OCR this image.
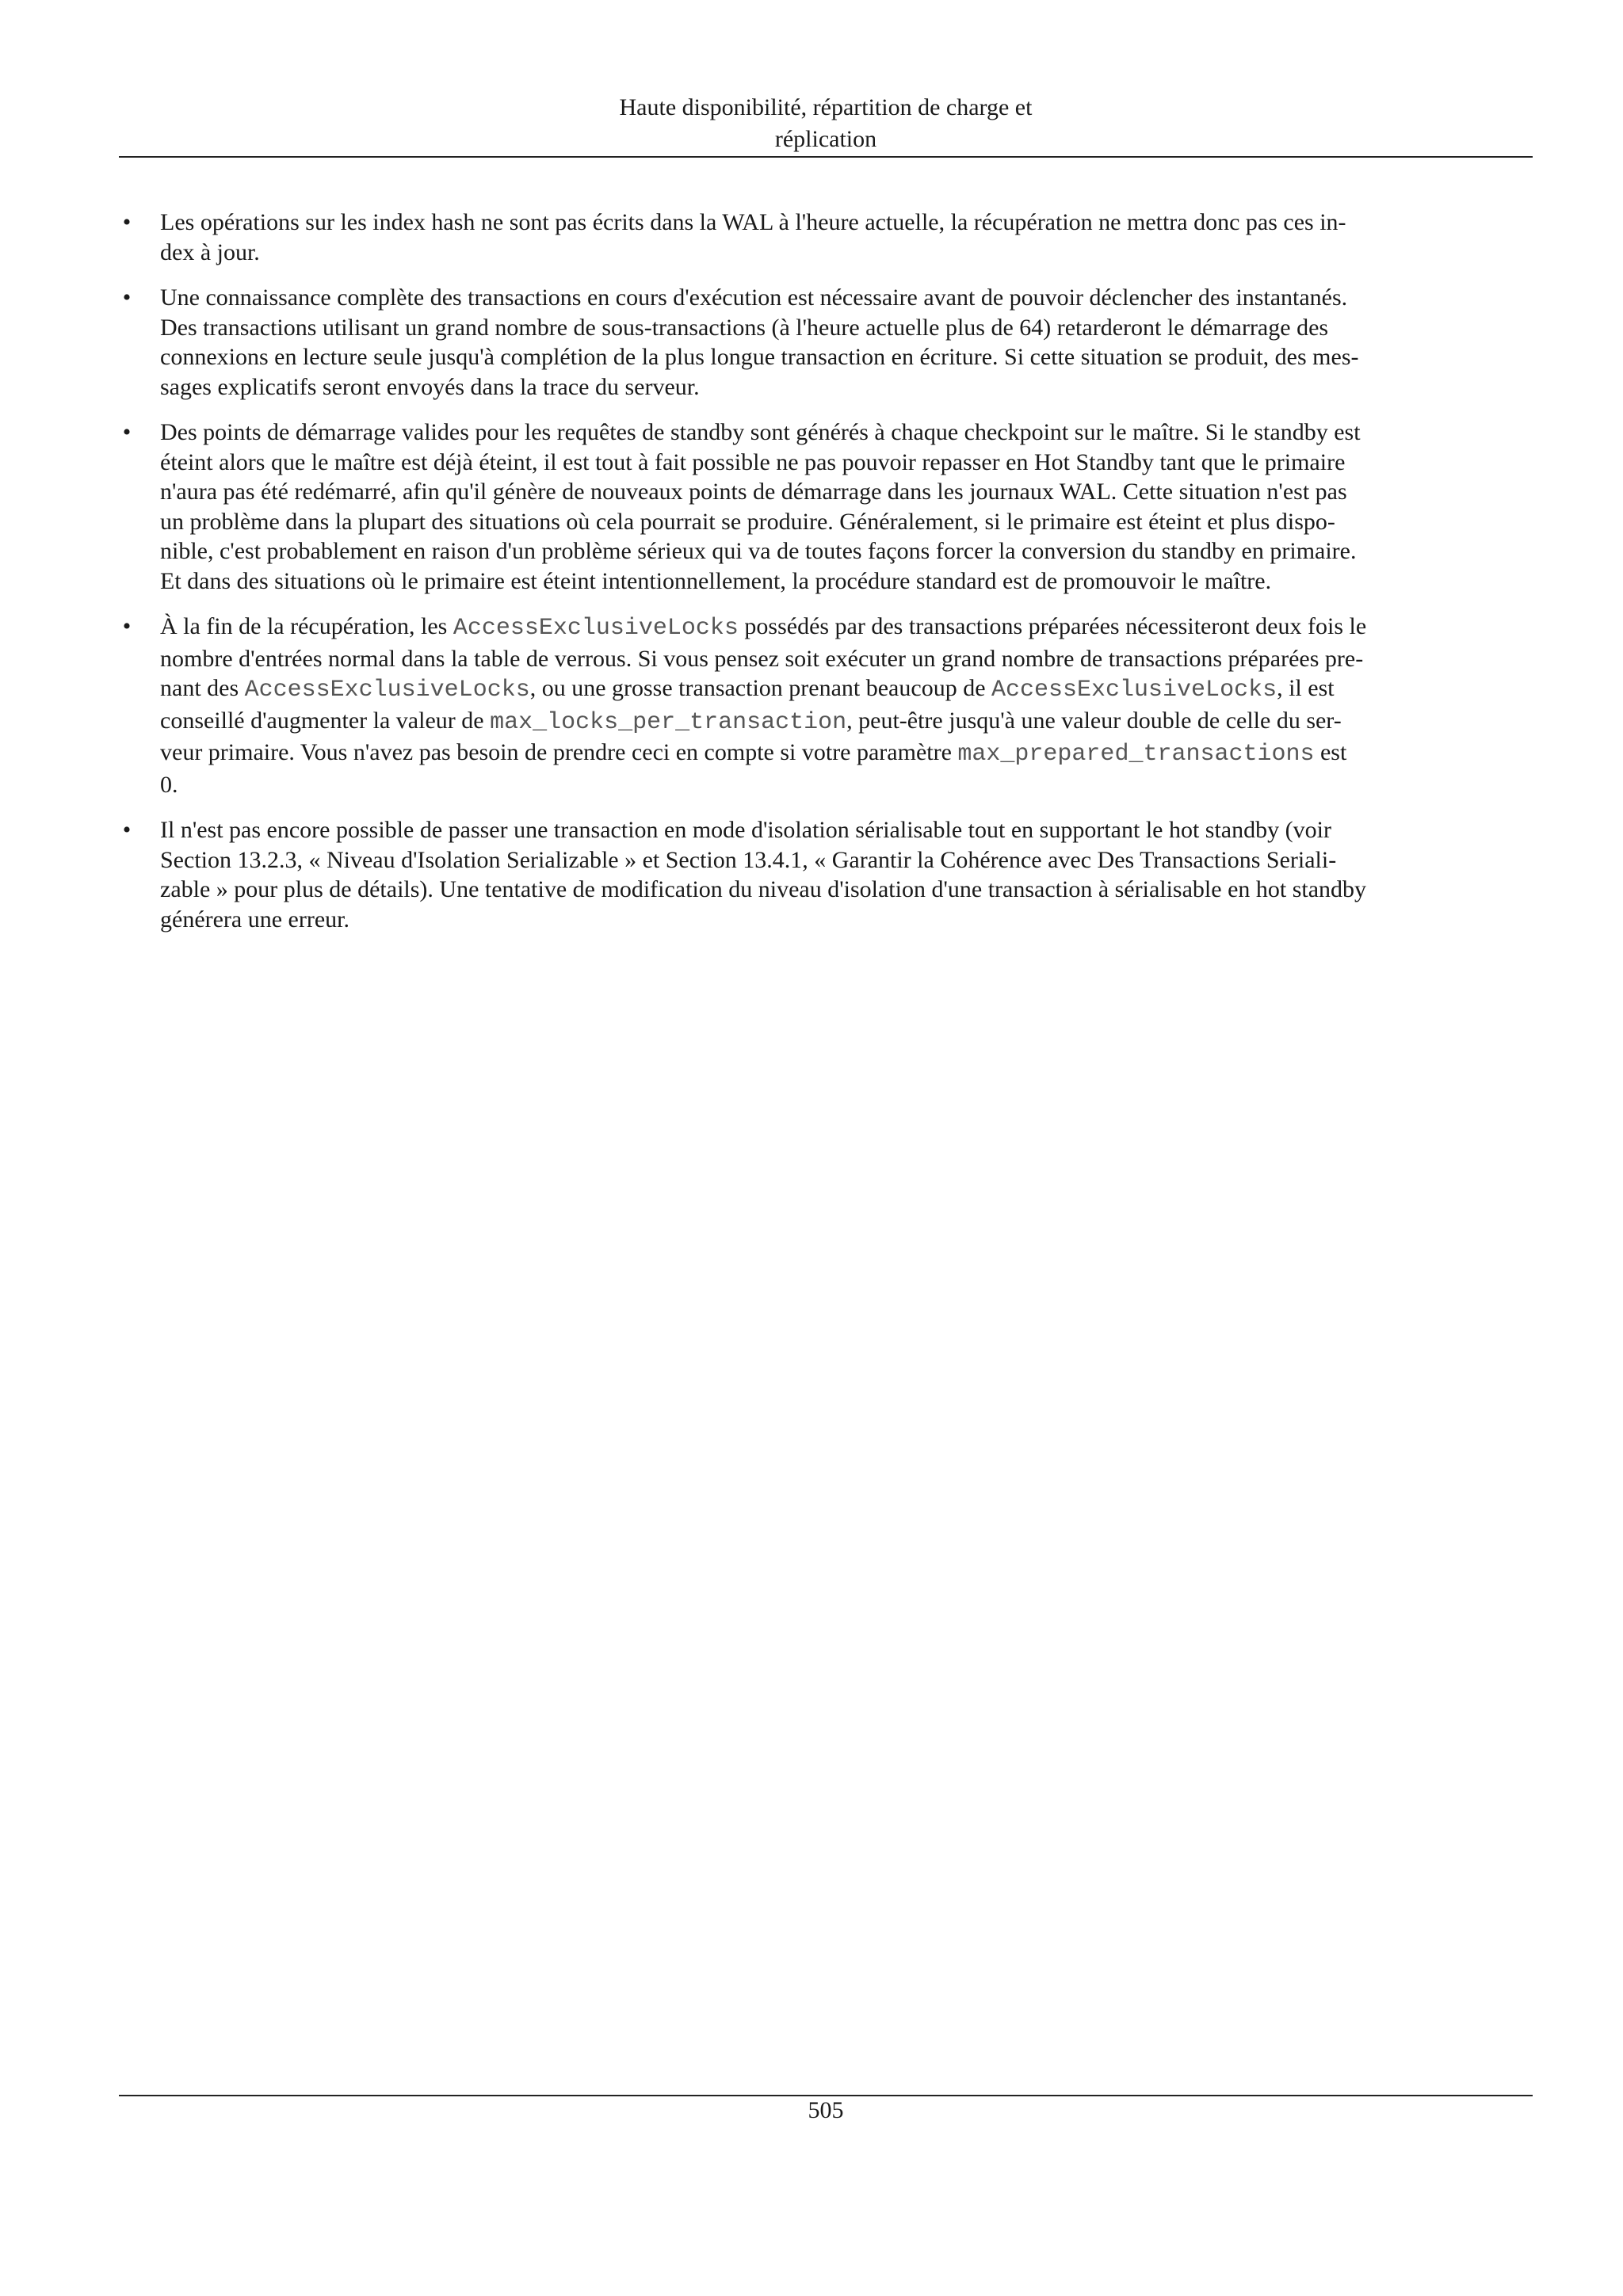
Haute disponibilité, répartition de charge et
réplication
• Les opérations sur les index hash ne sont pas écrits dans la WAL à l'heure actuelle, la récupération ne mettra donc pas ces in-
dex à jour.
• Une connaissance complète des transactions en cours d'exécution est nécessaire avant de pouvoir déclencher des instantanés.
Des transactions utilisant un grand nombre de sous-transactions (à l'heure actuelle plus de 64) retarderont le démarrage des
connexions en lecture seule jusqu'à complétion de la plus longue transaction en écriture. Si cette situation se produit, des mes-
sages explicatifs seront envoyés dans la trace du serveur.
• Des points de démarrage valides pour les requêtes de standby sont générés à chaque checkpoint sur le maître. Si le standby est
éteint alors que le maître est déjà éteint, il est tout à fait possible ne pas pouvoir repasser en Hot Standby tant que le primaire
n'aura pas été redémarré, afin qu'il génère de nouveaux points de démarrage dans les journaux WAL. Cette situation n'est pas
un problème dans la plupart des situations où cela pourrait se produire. Généralement, si le primaire est éteint et plus dispo-
nible, c'est probablement en raison d'un problème sérieux qui va de toutes façons forcer la conversion du standby en primaire.
Et dans des situations où le primaire est éteint intentionnellement, la procédure standard est de promouvoir le maître.
• À la fin de la récupération, les AccessExclusiveLocks possédés par des transactions préparées nécessiteront deux fois le
nombre d'entrées normal dans la table de verrous. Si vous pensez soit exécuter un grand nombre de transactions préparées pre-
nant des AccessExclusiveLocks, ou une grosse transaction prenant beaucoup de AccessExclusiveLocks, il est
conseillé d'augmenter la valeur de max_locks_per_transaction, peut-être jusqu'à une valeur double de celle du ser-
veur primaire. Vous n'avez pas besoin de prendre ceci en compte si votre paramètre max_prepared_transactions est
0.
• Il n'est pas encore possible de passer une transaction en mode d'isolation sérialisable tout en supportant le hot standby (voir
Section 13.2.3, « Niveau d'Isolation Serializable » et Section 13.4.1, « Garantir la Cohérence avec Des Transactions Seriali-
zable » pour plus de détails). Une tentative de modification du niveau d'isolation d'une transaction à sérialisable en hot standby
générera une erreur.
505
